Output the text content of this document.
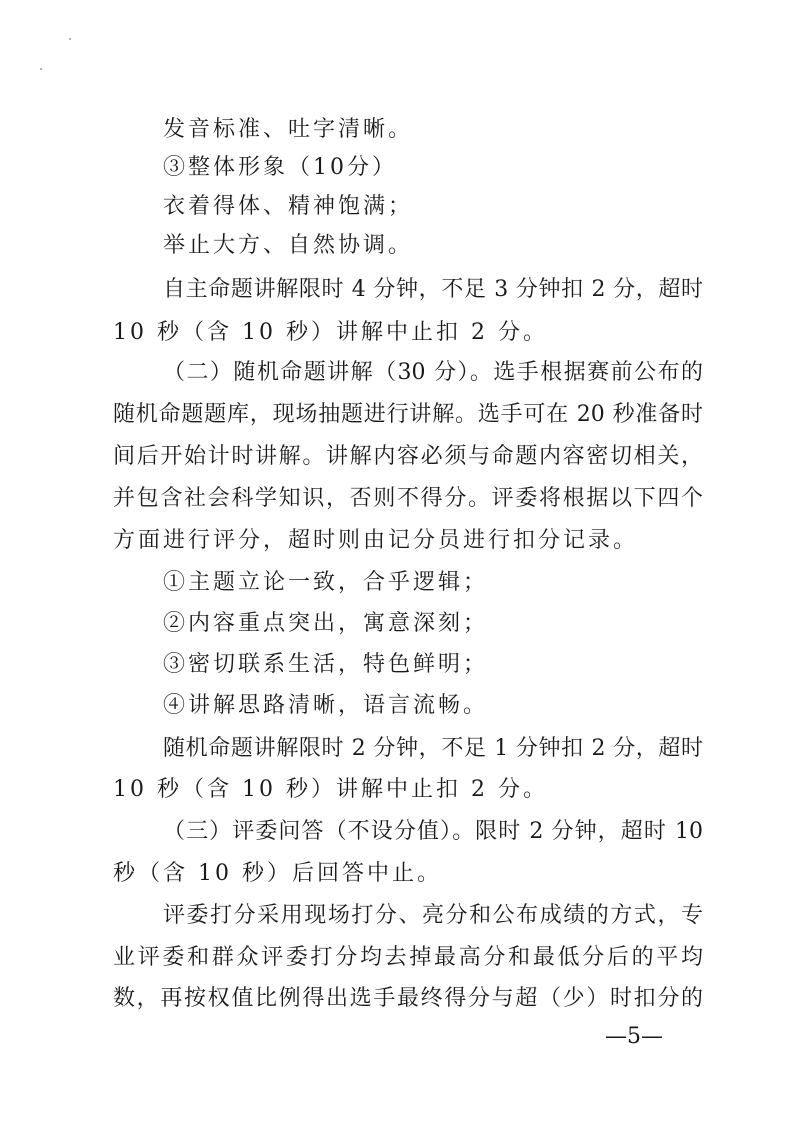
发音标准、吐字清晰。
③整体形象（10分）
衣着得体、精神饱满；
举止大方、自然协调。
自主命题讲解限时 4 分钟，不足 3 分钟扣 2 分，超时
10 秒（含 10 秒）讲解中止扣 2 分。
（二）随机命题讲解（30 分）。选手根据赛前公布的
随机命题题库，现场抽题进行讲解。选手可在 20 秒准备时
间后开始计时讲解。讲解内容必须与命题内容密切相关，
并包含社会科学知识，否则不得分。评委将根据以下四个
方面进行评分，超时则由记分员进行扣分记录。
①主题立论一致，合乎逻辑；
②内容重点突出，寓意深刻；
③密切联系生活，特色鲜明；
④讲解思路清晰，语言流畅。
随机命题讲解限时 2 分钟，不足 1 分钟扣 2 分，超时
10 秒（含 10 秒）讲解中止扣 2 分。
（三）评委问答（不设分值）。限时 2 分钟，超时 10
秒（含 10 秒）后回答中止。
评委打分采用现场打分、亮分和公布成绩的方式，专
业评委和群众评委打分均去掉最高分和最低分后的平均
数，再按权值比例得出选手最终得分与超（少）时扣分的
—5—
